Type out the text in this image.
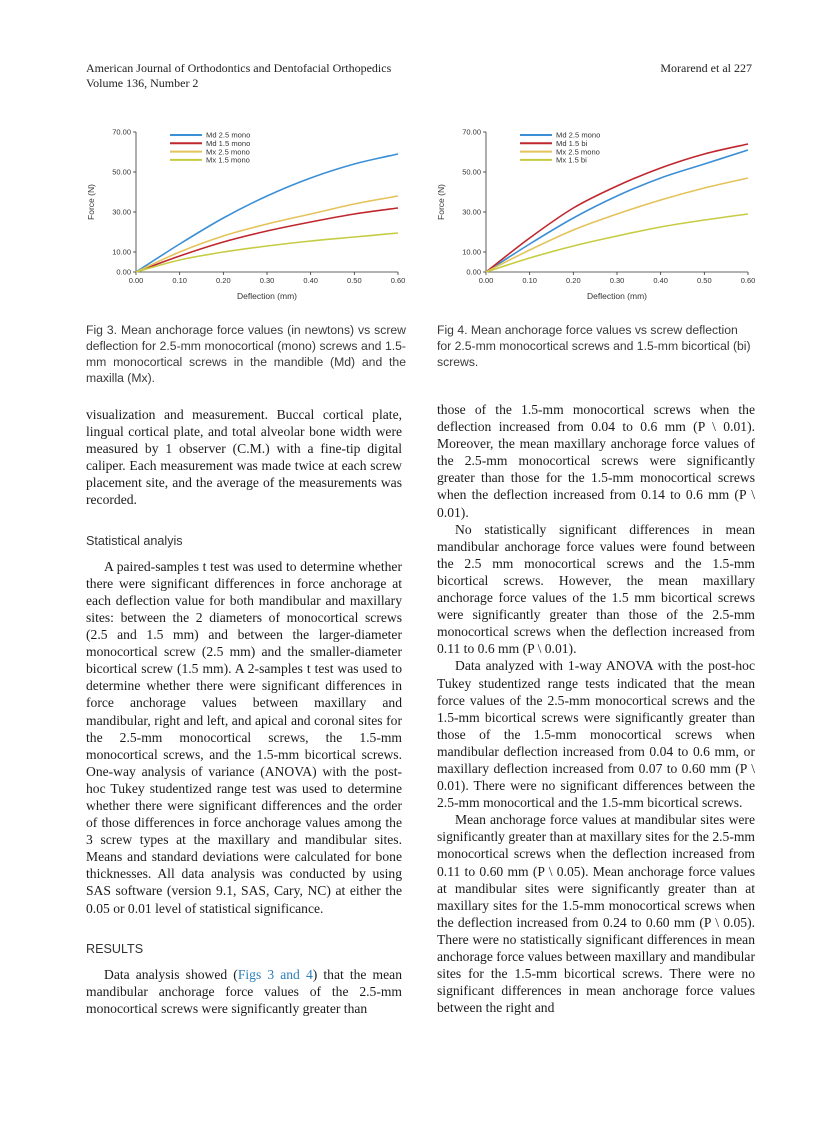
American Journal of Orthodontics and Dentofacial Orthopedics
Volume 136, Number 2
Morarend et al 227
0.00
10.00
30.00
50.00
70.00
0.00	0.10	0.20	0.30	0.40	0.50	0.60
Deflection (mm)
Force (N)
Md 2.5 mono
Md 1.5 mono
Mx 2.5 mono
Mx 1.5 mono
0.00
10.00
30.00
50.00
70.00
0.00	0.10	0.20	0.30	0.40	0.50	0.60
Deflection (mm)
Force (N)
Md 2.5 mono
Md 1.5 bi
Mx 2.5 mono
Mx 1.5 bi
Fig 3. Mean anchorage force values (in newtons) vs screw deflection for 2.5-mm monocortical (mono) screws and 1.5-mm monocortical screws in the mandible (Md) and the maxilla (Mx).
Fig 4. Mean anchorage force values vs screw deflection for 2.5-mm monocortical screws and 1.5-mm bicortical (bi) screws.

visualization and measurement. Buccal cortical plate, lingual cortical plate, and total alveolar bone width were measured by 1 observer (C.M.) with a fine-tip digital caliper. Each measurement was made twice at each screw placement site, and the average of the measurements was recorded.

Statistical analyis

A paired-samples t test was used to determine whether there were significant differences in force anchorage at each deflection value for both mandibular and maxillary sites: between the 2 diameters of monocortical screws (2.5 and 1.5 mm) and between the larger-diameter monocortical screw (2.5 mm) and the smaller-diameter bicortical screw (1.5 mm). A 2-samples t test was used to determine whether there were significant differences in force anchorage values between maxillary and mandibular, right and left, and apical and coronal sites for the 2.5-mm monocortical screws, the 1.5-mm monocortical screws, and the 1.5-mm bicortical screws. One-way analysis of variance (ANOVA) with the post-hoc Tukey studentized range test was used to determine whether there were significant differences and the order of those differences in force anchorage values among the 3 screw types at the maxillary and mandibular sites. Means and standard deviations were calculated for bone thicknesses. All data analysis was conducted by using SAS software (version 9.1, SAS, Cary, NC) at either the 0.05 or 0.01 level of statistical significance.

RESULTS

Data analysis showed (Figs 3 and 4) that the mean mandibular anchorage force values of the 2.5-mm monocortical screws were significantly greater than

those of the 1.5-mm monocortical screws when the deflection increased from 0.04 to 0.6 mm (P \ 0.01). Moreover, the mean maxillary anchorage force values of the 2.5-mm monocortical screws were significantly greater than those for the 1.5-mm monocortical screws when the deflection increased from 0.14 to 0.6 mm (P \ 0.01).

No statistically significant differences in mean mandibular anchorage force values were found between the 2.5 mm monocortical screws and the 1.5-mm bicortical screws. However, the mean maxillary anchorage force values of the 1.5 mm bicortical screws were significantly greater than those of the 2.5-mm monocortical screws when the deflection increased from 0.11 to 0.6 mm (P \ 0.01).

Data analyzed with 1-way ANOVA with the post-hoc Tukey studentized range tests indicated that the mean force values of the 2.5-mm monocortical screws and the 1.5-mm bicortical screws were significantly greater than those of the 1.5-mm monocortical screws when mandibular deflection increased from 0.04 to 0.6 mm, or maxillary deflection increased from 0.07 to 0.60 mm (P \ 0.01). There were no significant differences between the 2.5-mm monocortical and the 1.5-mm bicortical screws.

Mean anchorage force values at mandibular sites were significantly greater than at maxillary sites for the 2.5-mm monocortical screws when the deflection increased from 0.11 to 0.60 mm (P \ 0.05). Mean anchorage force values at mandibular sites were significantly greater than at maxillary sites for the 1.5-mm monocortical screws when the deflection increased from 0.24 to 0.60 mm (P \ 0.05). There were no statistically significant differences in mean anchorage force values between maxillary and mandibular sites for the 1.5-mm bicortical screws. There were no significant differences in mean anchorage force values between the right and
